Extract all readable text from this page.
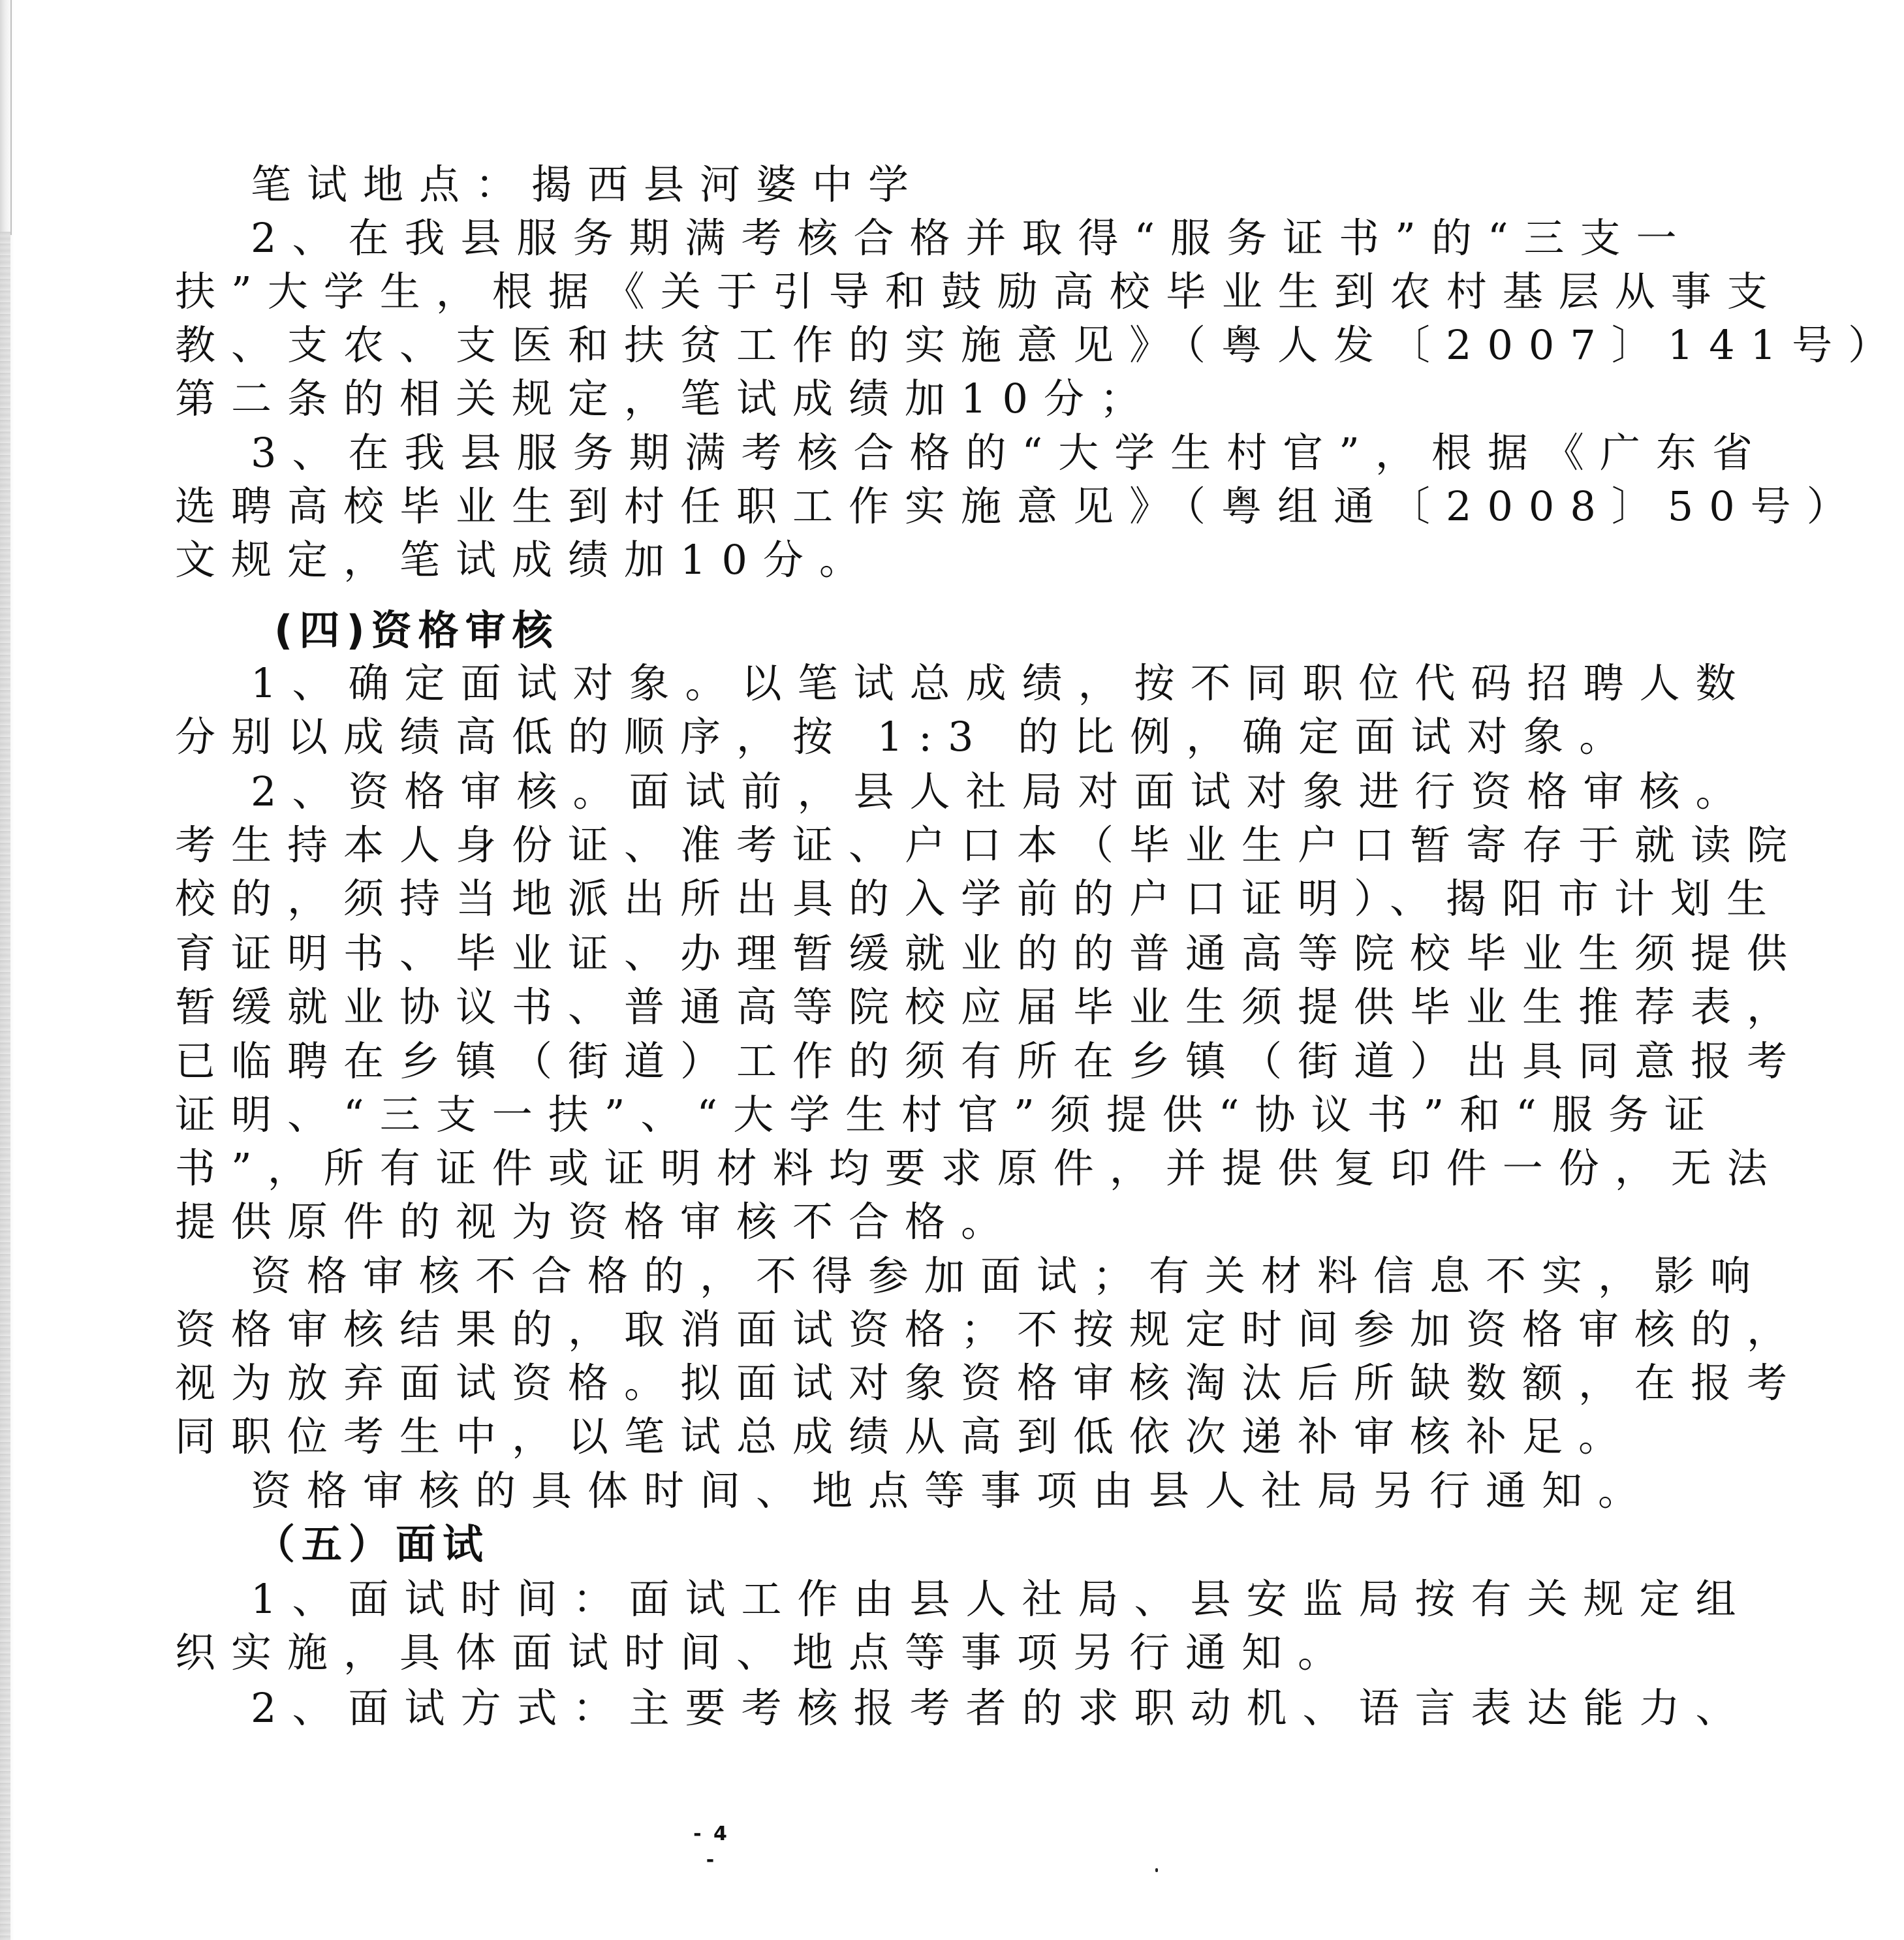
笔试地点：揭西县河婆中学
2、在我县服务期满考核合格并取得“服务证书”的“三支一
扶”大学生，根据《关于引导和鼓励高校毕业生到农村基层从事支
教、支农、支医和扶贫工作的实施意见》（粤人发〔2007〕141号）
第二条的相关规定，笔试成绩加10分；
3、在我县服务期满考核合格的“大学生村官”，根据《广东省
选聘高校毕业生到村任职工作实施意见》（粤组通〔2008〕50号）
文规定，笔试成绩加10分。
(四)资格审核
1、确定面试对象。以笔试总成绩，按不同职位代码招聘人数
分别以成绩高低的顺序，按 1:3 的比例，确定面试对象。
2、资格审核。面试前，县人社局对面试对象进行资格审核。
考生持本人身份证、准考证、户口本（毕业生户口暂寄存于就读院
校的，须持当地派出所出具的入学前的户口证明）、揭阳市计划生
育证明书、毕业证、办理暂缓就业的的普通高等院校毕业生须提供
暂缓就业协议书、普通高等院校应届毕业生须提供毕业生推荐表，
已临聘在乡镇（街道）工作的须有所在乡镇（街道）出具同意报考
证明、“三支一扶”、“大学生村官”须提供“协议书”和“服务证
书”，所有证件或证明材料均要求原件，并提供复印件一份，无法
提供原件的视为资格审核不合格。
资格审核不合格的，不得参加面试；有关材料信息不实，影响
资格审核结果的，取消面试资格；不按规定时间参加资格审核的，
视为放弃面试资格。拟面试对象资格审核淘汰后所缺数额，在报考
同职位考生中，以笔试总成绩从高到低依次递补审核补足。
资格审核的具体时间、地点等事项由县人社局另行通知。
（五）面试
1、面试时间：面试工作由县人社局、县安监局按有关规定组
织实施，具体面试时间、地点等事项另行通知。
2、面试方式：主要考核报考者的求职动机、语言表达能力、
- 4 -
